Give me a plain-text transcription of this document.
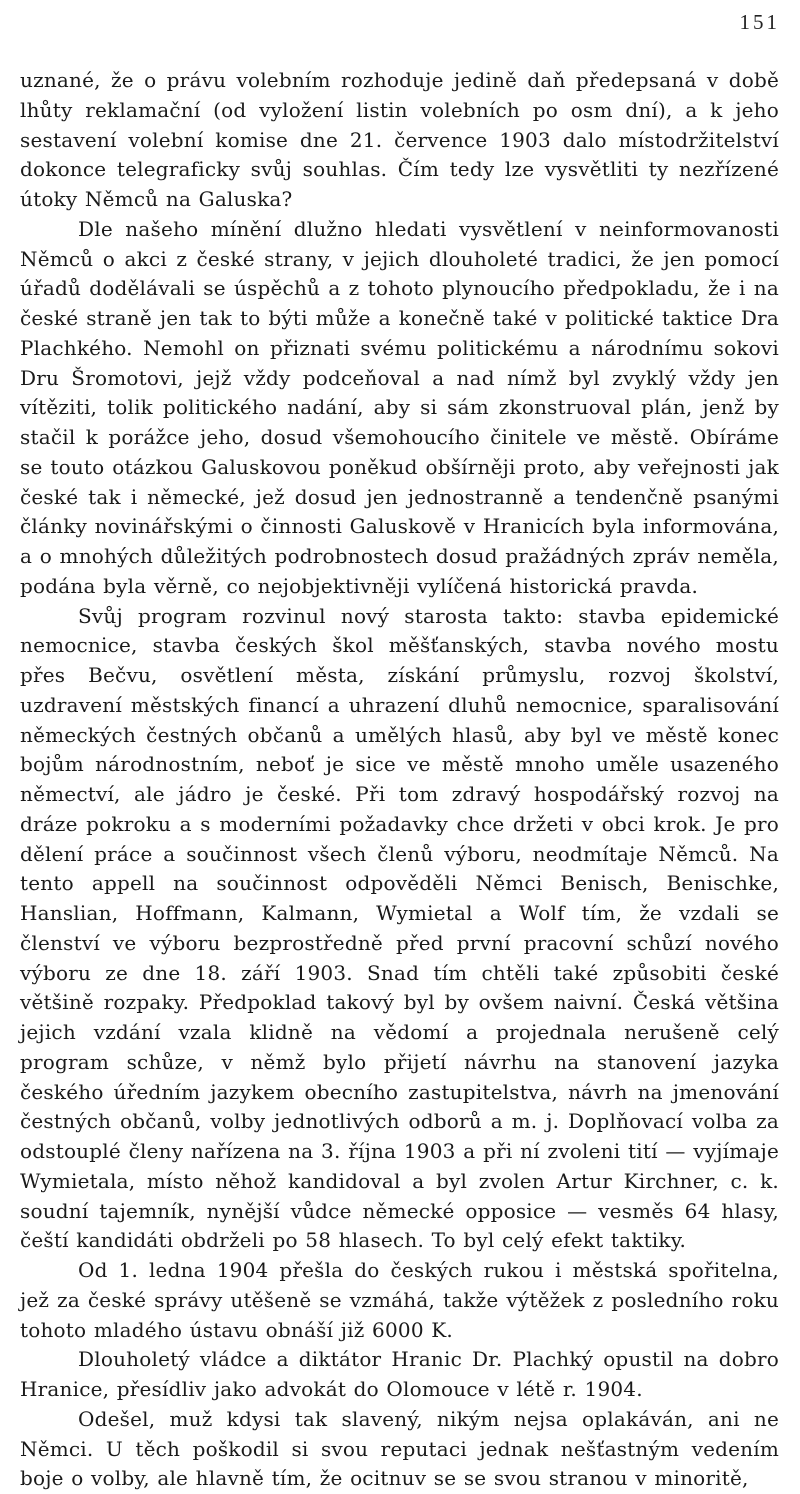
151

uznané, že o právu volebním rozhoduje jedině daň předepsaná v době lhůty reklamační (od vyložení listin volebních po osm dní), a k jeho sestavení volební komise dne 21. července 1903 dalo místodržitelství dokonce telegraficky svůj souhlas. Čím tedy lze vysvětliti ty nezřízené útoky Němců na Galuska?

Dle našeho mínění dlužno hledati vysvětlení v neinformovanosti Němců o akci z české strany, v jejich dlouholeté tradici, že jen pomocí úřadů dodělávali se úspěchů a z tohoto plynoucího předpokladu, že i na české straně jen tak to býti může a konečně také v politické taktice Dra Plachkého. Nemohl on přiznati svému politickému a národnímu sokovi Dru Šromotovi, jejž vždy podceňoval a nad nímž byl zvyklý vždy jen vítěziti, tolik politického nadání, aby si sám zkonstruoval plán, jenž by stačil k porážce jeho, dosud všemohoucího činitele ve městě. Obíráme se touto otázkou Galuskovou poněkud obšírněji proto, aby veřejnosti jak české tak i německé, jež dosud jen jednostranně a tendenčně psanými články novinářskými o činnosti Galuskově v Hranicích byla informována, a o mnohých důležitých podrobnostech dosud pražádných zpráv neměla, podána byla věrně, co nejobjektivněji vylíčená historická pravda.

Svůj program rozvinul nový starosta takto: stavba epidemické nemocnice, stavba českých škol měšťanských, stavba nového mostu přes Bečvu, osvětlení města, získání průmyslu, rozvoj školství, uzdravení městských financí a uhrazení dluhů nemocnice, sparalisování německých čestných občanů a umělých hlasů, aby byl ve městě konec bojům národnostním, neboť je sice ve městě mnoho uměle usazeného němectví, ale jádro je české. Při tom zdravý hospodářský rozvoj na dráze pokroku a s moderními požadavky chce držeti v obci krok. Je pro dělení práce a součinnost všech členů výboru, neodmítaje Němců. Na tento appell na součinnost odpověděli Němci Benisch, Benischke, Hanslian, Hoffmann, Kalmann, Wymietal a Wolf tím, že vzdali se členství ve výboru bezprostředně před první pracovní schůzí nového výboru ze dne 18. září 1903. Snad tím chtěli také způsobiti české většině rozpaky. Předpoklad takový byl by ovšem naivní. Česká většina jejich vzdání vzala klidně na vědomí a projednala nerušeně celý program schůze, v němž bylo přijetí návrhu na stanovení jazyka českého úředním jazykem obecního zastupitelstva, návrh na jmenování čestných občanů, volby jednotlivých odborů a m. j. Doplňovací volba za odstouplé členy nařízena na 3. října 1903 a při ní zvoleni tití — vyjímaje Wymietala, místo něhož kandidoval a byl zvolen Artur Kirchner, c. k. soudní tajemník, nynější vůdce německé opposice — vesměs 64 hlasy, čeští kandidáti obdrželi po 58 hlasech. To byl celý efekt taktiky.

Od 1. ledna 1904 přešla do českých rukou i městská spořitelna, jež za české správy utěšeně se vzmáhá, takže výtěžek z posledního roku tohoto mladého ústavu obnáší již 6000 K.

Dlouholetý vládce a diktátor Hranic Dr. Plachký opustil na dobro Hranice, přesídliv jako advokát do Olomouce v létě r. 1904.

Odešel, muž kdysi tak slavený, nikým nejsa oplakáván, ani ne Němci. U těch poškodil si svou reputaci jednak nešťastným vedením boje o volby, ale hlavně tím, že ocitnuv se se svou stranou v minoritě,
